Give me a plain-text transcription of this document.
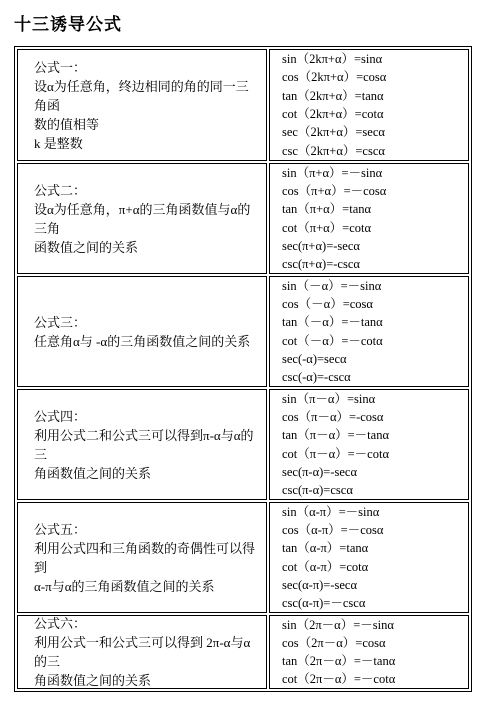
十三诱导公式
公式一：
设α为任意角，终边相同的角的同一三角函
数的值相等
k 是整数
sin（2kπ+α）=sinα
cos（2kπ+α）=cosα
tan（2kπ+α）=tanα
cot（2kπ+α）=cotα
sec（2kπ+α）=secα
csc（2kπ+α）=cscα
公式二：
设α为任意角，π+α的三角函数值与α的三角
函数值之间的关系
sin（π+α）=－sinα
cos（π+α）=－cosα
tan（π+α）=tanα
cot（π+α）=cotα
sec(π+α)=-secα
csc(π+α)=-cscα
公式三：
任意角α与 -α的三角函数值之间的关系
sin（－α）=－sinα
cos（－α）=cosα
tan（－α）=－tanα
cot（－α）=－cotα
sec(-α)=secα
csc(-α)=-cscα
公式四：
利用公式二和公式三可以得到π-α与α的三
角函数值之间的关系
sin（π－α）=sinα
cos（π－α）=-cosα
tan（π－α）=－tanα
cot（π－α）=－cotα
sec(π-α)=-secα
csc(π-α)=cscα
公式五：
利用公式四和三角函数的奇偶性可以得到
α-π与α的三角函数值之间的关系
sin（α-π）=－sinα
cos（α-π）=－cosα
tan（α-π）=tanα
cot（α-π）=cotα
sec(α-π)=-secα
csc(α-π)=－cscα
公式六：
利用公式一和公式三可以得到 2π-α与α的三
角函数值之间的关系
sin（2π－α）=－sinα
cos（2π－α）=cosα
tan（2π－α）=－tanα
cot（2π－α）=－cotα
